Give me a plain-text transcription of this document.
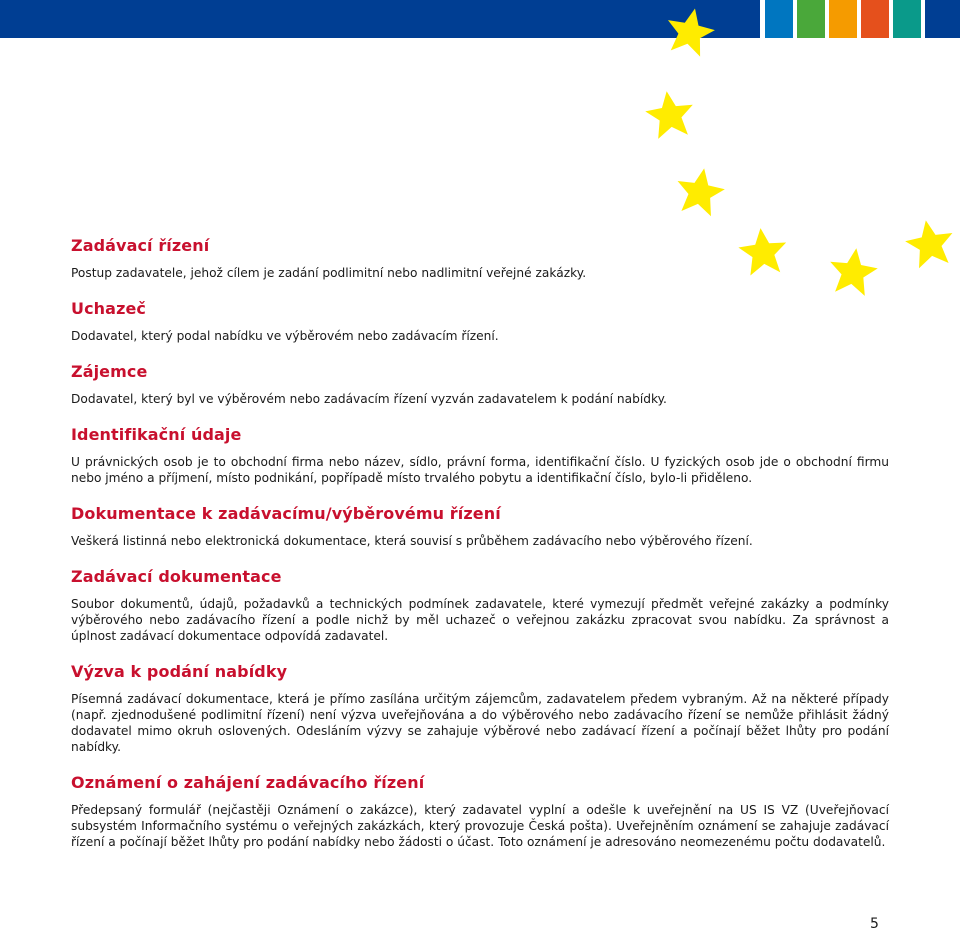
Zadávací řízení

Postup zadavatele, jehož cílem je zadání podlimitní nebo nadlimitní veřejné zakázky.

Uchazeč

Dodavatel, který podal nabídku ve výběrovém nebo zadávacím řízení.

Zájemce

Dodavatel, který byl ve výběrovém nebo zadávacím řízení vyzván zadavatelem k podání nabídky.

Identifikační údaje

U právnických osob je to obchodní firma nebo název, sídlo, právní forma, identifikační číslo. U fyzických osob jde o obchodní firmu nebo jméno a příjmení, místo podnikání, popřípadě místo trvalého pobytu a identifikační číslo, bylo-li přiděleno.

Dokumentace k zadávacímu/výběrovému řízení

Veškerá listinná nebo elektronická dokumentace, která souvisí s průběhem zadávacího nebo výběrového řízení.

Zadávací dokumentace

Soubor dokumentů, údajů, požadavků a technických podmínek zadavatele, které vymezují předmět veřejné zakázky a podmínky výběrového nebo zadávacího řízení a podle nichž by měl uchazeč o veřejnou zakázku zpracovat svou nabídku. Za správnost a úplnost zadávací dokumentace odpovídá zadavatel.

Výzva k podání nabídky

Písemná zadávací dokumentace, která je přímo zasílána určitým zájemcům, zadavatelem předem vybraným. Až na některé případy (např. zjednodušené podlimitní řízení) není výzva uveřejňována a do výběrového nebo zadávacího řízení se nemůže přihlásit žádný dodavatel mimo okruh oslovených. Odesláním výzvy se zahajuje výběrové nebo zadávací řízení a počínají běžet lhůty pro podání nabídky.

Oznámení o zahájení zadávacího řízení

Předepsaný formulář (nejčastěji Oznámení o zakázce), který zadavatel vyplní a odešle k uveřejnění na US IS VZ (Uveřejňovací subsystém Informačního systému o veřejných zakázkách, který provozuje Česká pošta). Uveřejněním oznámení se zahajuje zadávací řízení a počínají běžet lhůty pro podání nabídky nebo žádosti o účast. Toto oznámení je adresováno neomezenému počtu dodavatelů.

5
